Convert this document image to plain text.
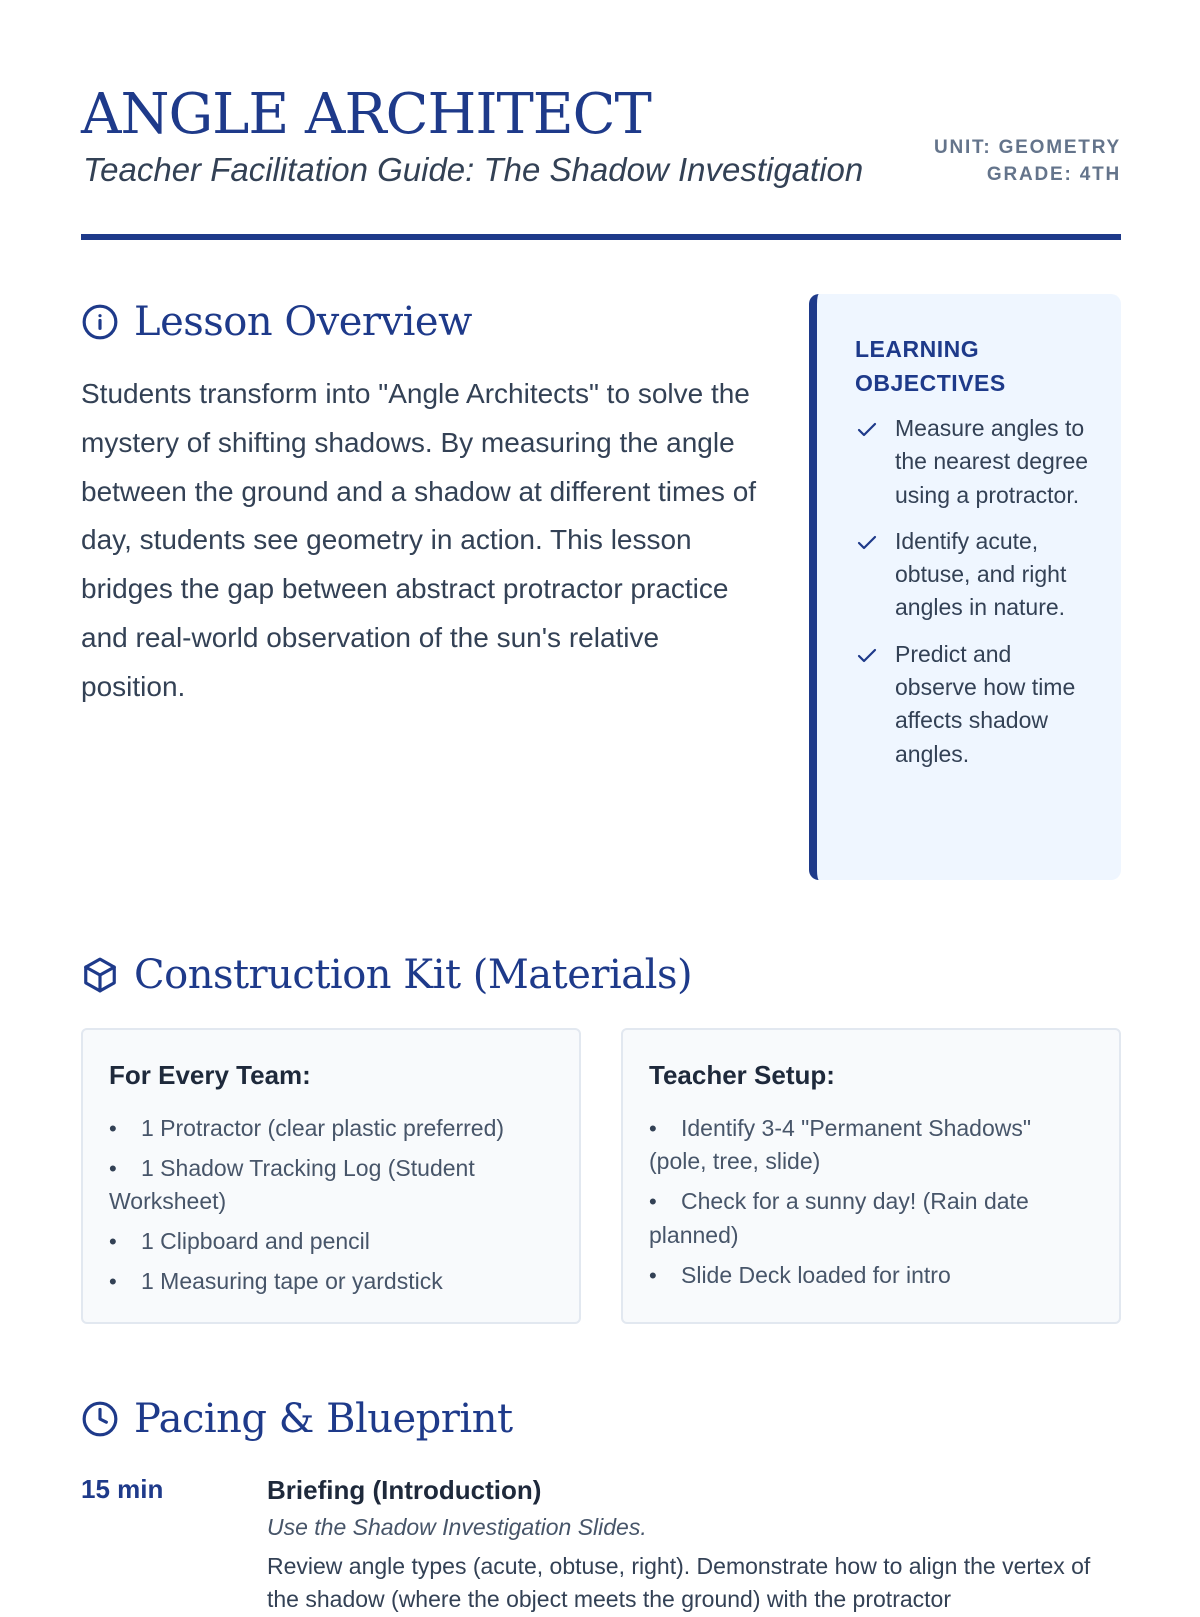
ANGLE ARCHITECT
Teacher Facilitation Guide: The Shadow Investigation
UNIT: GEOMETRY
GRADE: 4TH
Lesson Overview

Students transform into "Angle Architects" to solve the mystery of shifting shadows. By measuring the angle between the ground and a shadow at different times of day, students see geometry in action. This lesson bridges the gap between abstract protractor practice and real-world observation of the sun's relative position.

LEARNING OBJECTIVES
Measure angles to the nearest degree using a protractor.
Identify acute, obtuse, and right angles in nature.
Predict and observe how time affects shadow angles.
Construction Kit (Materials)
For Every Team:
• 1 Protractor (clear plastic preferred)
• 1 Shadow Tracking Log (Student Worksheet)
• 1 Clipboard and pencil
• 1 Measuring tape or yardstick
Teacher Setup:
• Identify 3-4 "Permanent Shadows" (pole, tree, slide)
• Check for a sunny day! (Rain date planned)
• Slide Deck loaded for intro
Pacing & Blueprint
15 min	Briefing (Introduction)
Use the Shadow Investigation Slides.
Review angle types (acute, obtuse, right). Demonstrate how to align the vertex of the shadow (where the object meets the ground) with the protractor
